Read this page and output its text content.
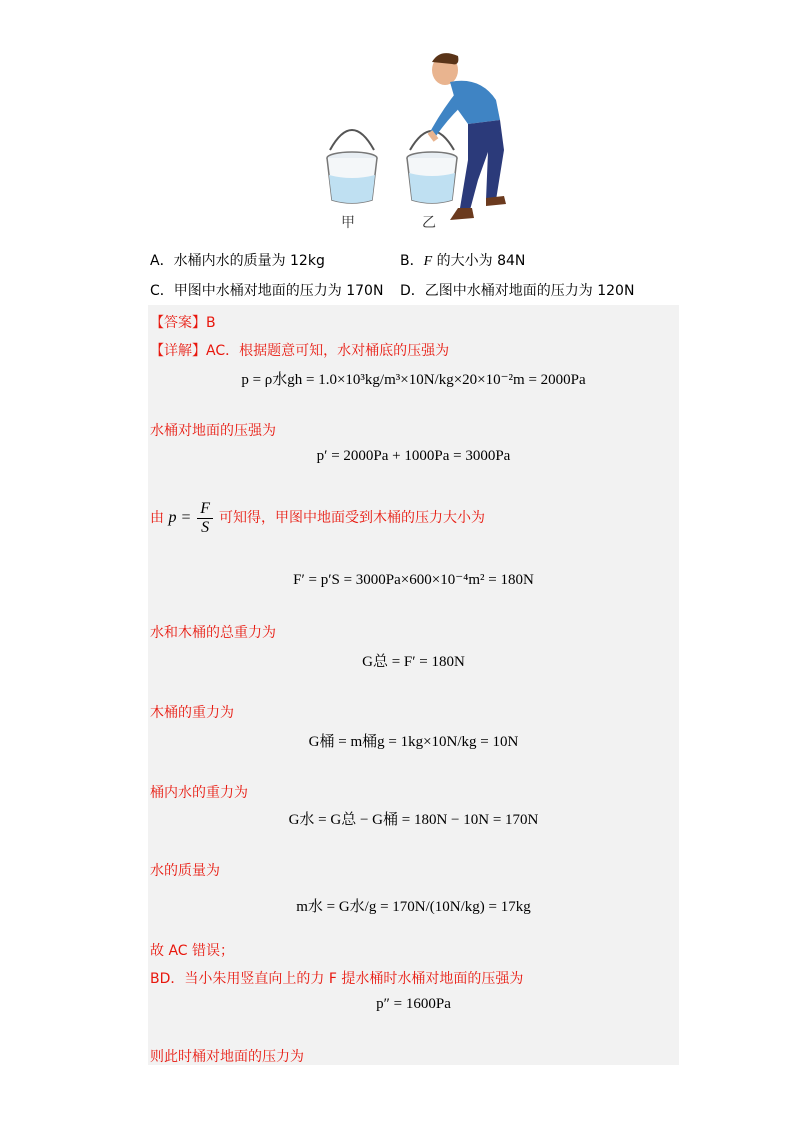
甲	乙
A．水桶内水的质量为 12kg	B．F 的大小为 84N
C．甲图中水桶对地面的压力为 170N D．乙图中水桶对地面的压力为 120N
【答案】B
【详解】AC．根据题意可知，水对桶底的压强为
p = ρ水gh = 1.0×10³kg/m³×10N/kg×20×10⁻²m = 2000Pa
水桶对地面的压强为
p′ = 2000Pa + 1000Pa = 3000Pa
由 $p = \frac{F}{S}$ 可知得，甲图中地面受到木桶的压力大小为
F′ = p′S = 3000Pa×600×10⁻⁴m² = 180N
水和木桶的总重力为
G总 = F′ = 180N
木桶的重力为
G桶 = m桶g = 1kg×10N/kg = 10N
桶内水的重力为
G水 = G总 − G桶 = 180N − 10N = 170N
水的质量为
m水 = G水/g = 170N/(10N/kg) = 17kg
故 AC 错误；
BD．当小朱用竖直向上的力 F 提水桶时水桶对地面的压强为
p″ = 1600Pa
则此时桶对地面的压力为
